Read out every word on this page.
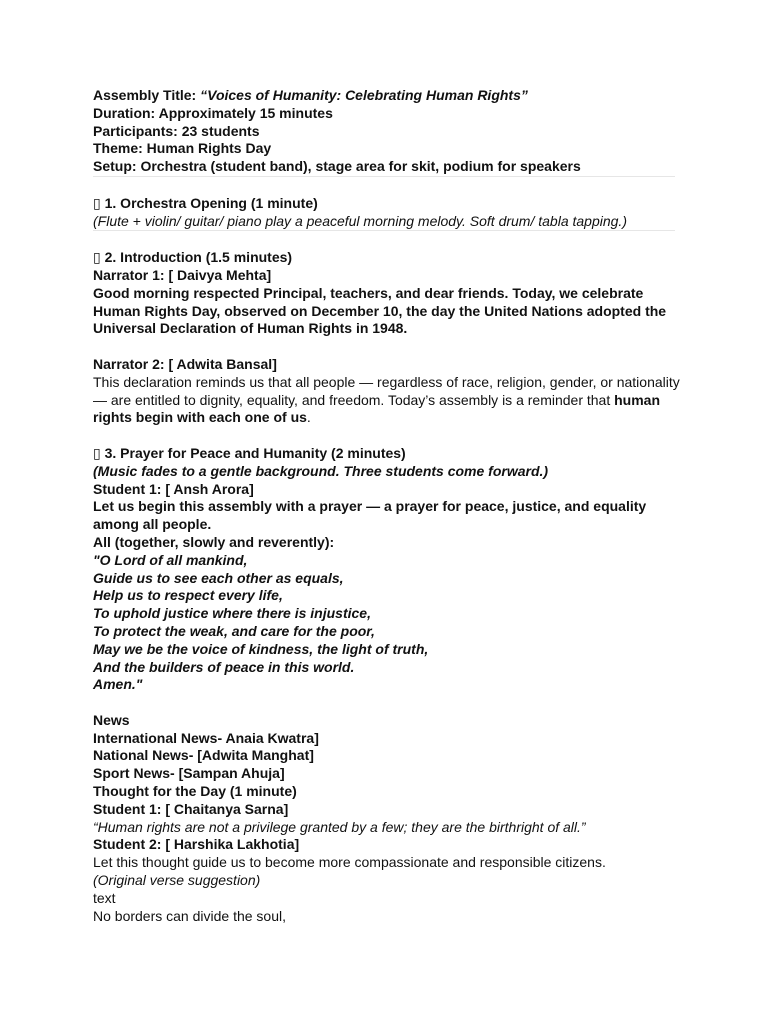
Assembly Title: “Voices of Humanity: Celebrating Human Rights”

Duration: Approximately 15 minutes

Participants: 23 students

Theme: Human Rights Day

Setup: Orchestra (student band), stage area for skit, podium for speakers

▯ 1. Orchestra Opening (1 minute)

(Flute + violin/ guitar/ piano play a peaceful morning melody. Soft drum/ tabla tapping.)

▯ 2. Introduction (1.5 minutes)

Narrator 1: [ Daivya Mehta]

Good morning respected Principal, teachers, and dear friends. Today, we celebrate Human Rights Day, observed on December 10, the day the United Nations adopted the Universal Declaration of Human Rights in 1948.

Narrator 2: [ Adwita Bansal]

This declaration reminds us that all people — regardless of race, religion, gender, or nationality — are entitled to dignity, equality, and freedom. Today’s assembly is a reminder that human rights begin with each one of us.

▯ 3. Prayer for Peace and Humanity (2 minutes)

(Music fades to a gentle background. Three students come forward.)

Student 1: [ Ansh Arora]

Let us begin this assembly with a prayer — a prayer for peace, justice, and equality among all people.

All (together, slowly and reverently):

"O Lord of all mankind,

Guide us to see each other as equals,

Help us to respect every life,

To uphold justice where there is injustice,

To protect the weak, and care for the poor,

May we be the voice of kindness, the light of truth,

And the builders of peace in this world.

Amen."

News

International News- Anaia Kwatra]

National News- [Adwita Manghat]

Sport News- [Sampan Ahuja]

Thought for the Day (1 minute)

Student 1: [ Chaitanya Sarna]

“Human rights are not a privilege granted by a few; they are the birthright of all.”

Student 2: [ Harshika Lakhotia]

Let this thought guide us to become more compassionate and responsible citizens.

(Original verse suggestion)

text

No borders can divide the soul,
